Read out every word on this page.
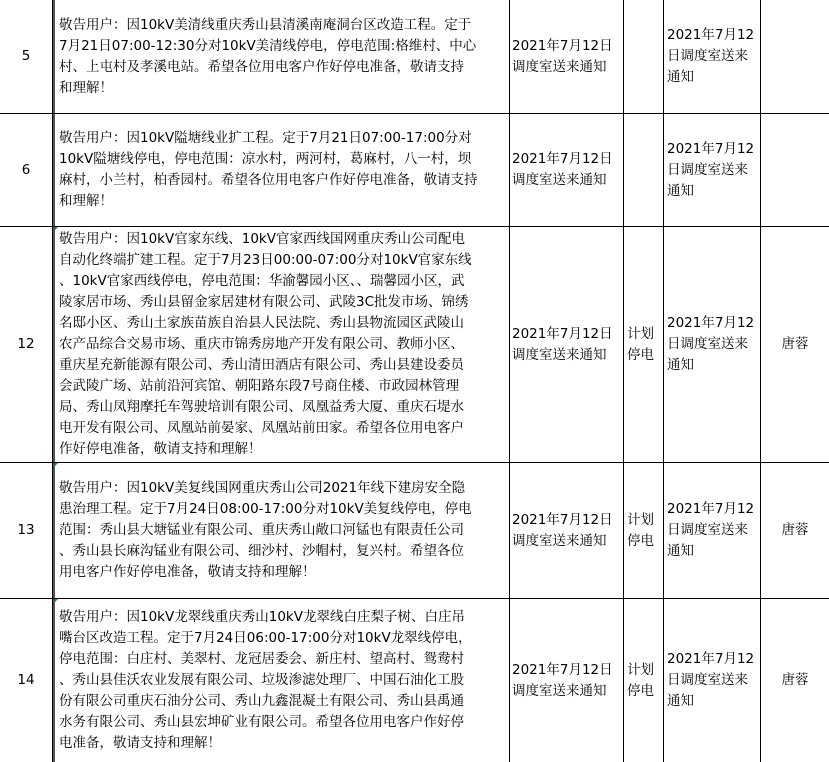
5
敬告用户：因10kV美清线重庆秀山县清溪南庵洞台区改造工程。定于
7月21日07:00-12:30分对10kV美清线停电，停电范围:格维村、中心
村、上屯村及孝溪电站。希望各位用电客户作好停电准备，敬请支持
和理解！
2021年7月12日
调度室送来通知
2021年7月12
日调度室送来
通知
6
敬告用户：因10kV隘塘线业扩工程。定于7月21日07:00-17:00分对
10kV隘塘线停电，停电范围：凉水村，两河村，葛麻村，八一村，坝
麻村，小兰村，柏香园村。希望各位用电客户作好停电准备，敬请支持
和理解！
2021年7月12日
调度室送来通知
2021年7月12
日调度室送来
通知
12
敬告用户：因10kV官家东线、10kV官家西线国网重庆秀山公司配电
自动化终端扩建工程。定于7月23日00:00-07:00分对10kV官家东线
、10kV官家西线停电，停电范围：华渝馨园小区、、瑞馨园小区，武
陵家居市场、秀山县留金家居建材有限公司、武陵3C批发市场、锦绣
名邸小区、秀山土家族苗族自治县人民法院、秀山县物流园区武陵山
农产品综合交易市场、重庆市锦秀房地产开发有限公司、教师小区、
重庆星充新能源有限公司、秀山清田酒店有限公司、秀山县建设委员
会武陵广场、站前沿河宾馆、朝阳路东段7号商住楼、市政园林管理
局、秀山凤翔摩托车驾驶培训有限公司、凤凰益秀大厦、重庆石堤水
电开发有限公司、凤凰站前晏家、凤凰站前田家。希望各位用电客户
作好停电准备，敬请支持和理解！
2021年7月12日
调度室送来通知
计划
停电
2021年7月12
日调度室送来
通知
唐蓉
13
敬告用户：因10kV美复线国网重庆秀山公司2021年线下建房安全隐
患治理工程。定于7月24日08:00-17:00分对10kV美复线停电，停电
范围：秀山县大塘锰业有限公司、重庆秀山敞口河锰也有限责任公司
、秀山县长麻沟锰业有限公司、细沙村、沙帽村，复兴村。希望各位
用电客户作好停电准备，敬请支持和理解！
2021年7月12日
调度室送来通知
计划
停电
2021年7月12
日调度室送来
通知
唐蓉
14
敬告用户：因10kV龙翠线重庆秀山10kV龙翠线白庄梨子树、白庄吊
嘴台区改造工程。定于7月24日06:00-17:00分对10kV龙翠线停电，
停电范围：白庄村、美翠村、龙冠居委会、新庄村、望高村、鸳鸯村
、秀山县佳沃农业发展有限公司、垃圾渗滤处理厂、中国石油化工股
份有限公司重庆石油分公司、秀山九鑫混凝土有限公司、秀山县禹通
水务有限公司、秀山县宏坤矿业有限公司。希望各位用电客户作好停
电准备，敬请支持和理解！
2021年7月12日
调度室送来通知
计划
停电
2021年7月12
日调度室送来
通知
唐蓉
